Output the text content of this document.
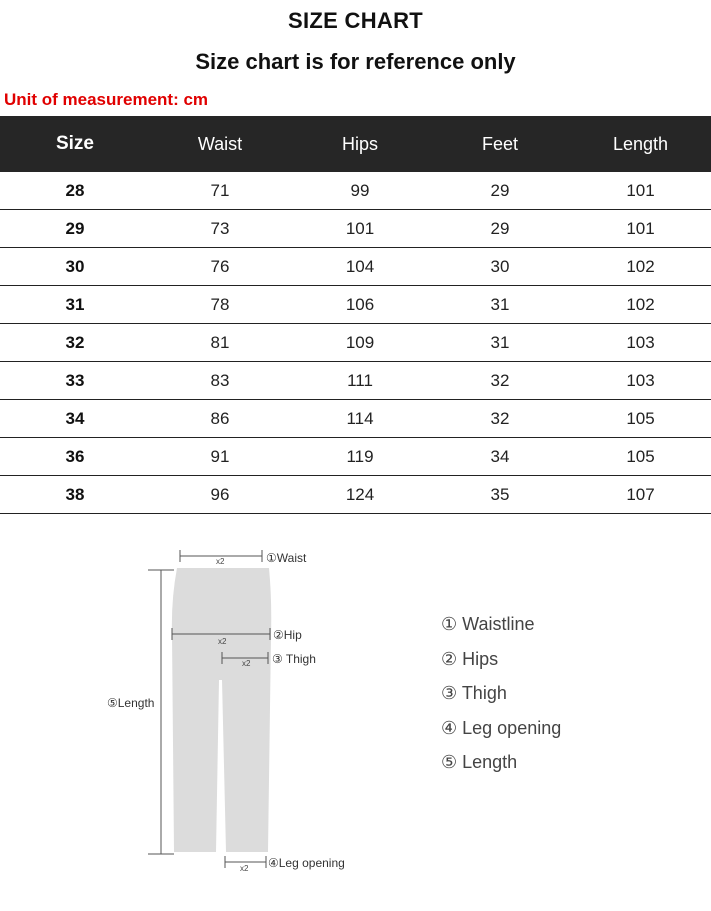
SIZE CHART
Size chart is for reference only
Unit of measurement: cm
Size	Waist	Hips	Feet	Length
28	71	99	29	101
29	73	101	29	101
30	76	104	30	102
31	78	106	31	102
32	81	109	31	103
33	83	111	32	103
34	86	114	32	105
36	91	119	34	105
38	96	124	35	107
x2	①Waist
x2	②Hip
x2 ③ Thigh
⑤Length
x2 ④Leg opening
① Waistline
② Hips
③ Thigh
④ Leg opening
⑤ Length
